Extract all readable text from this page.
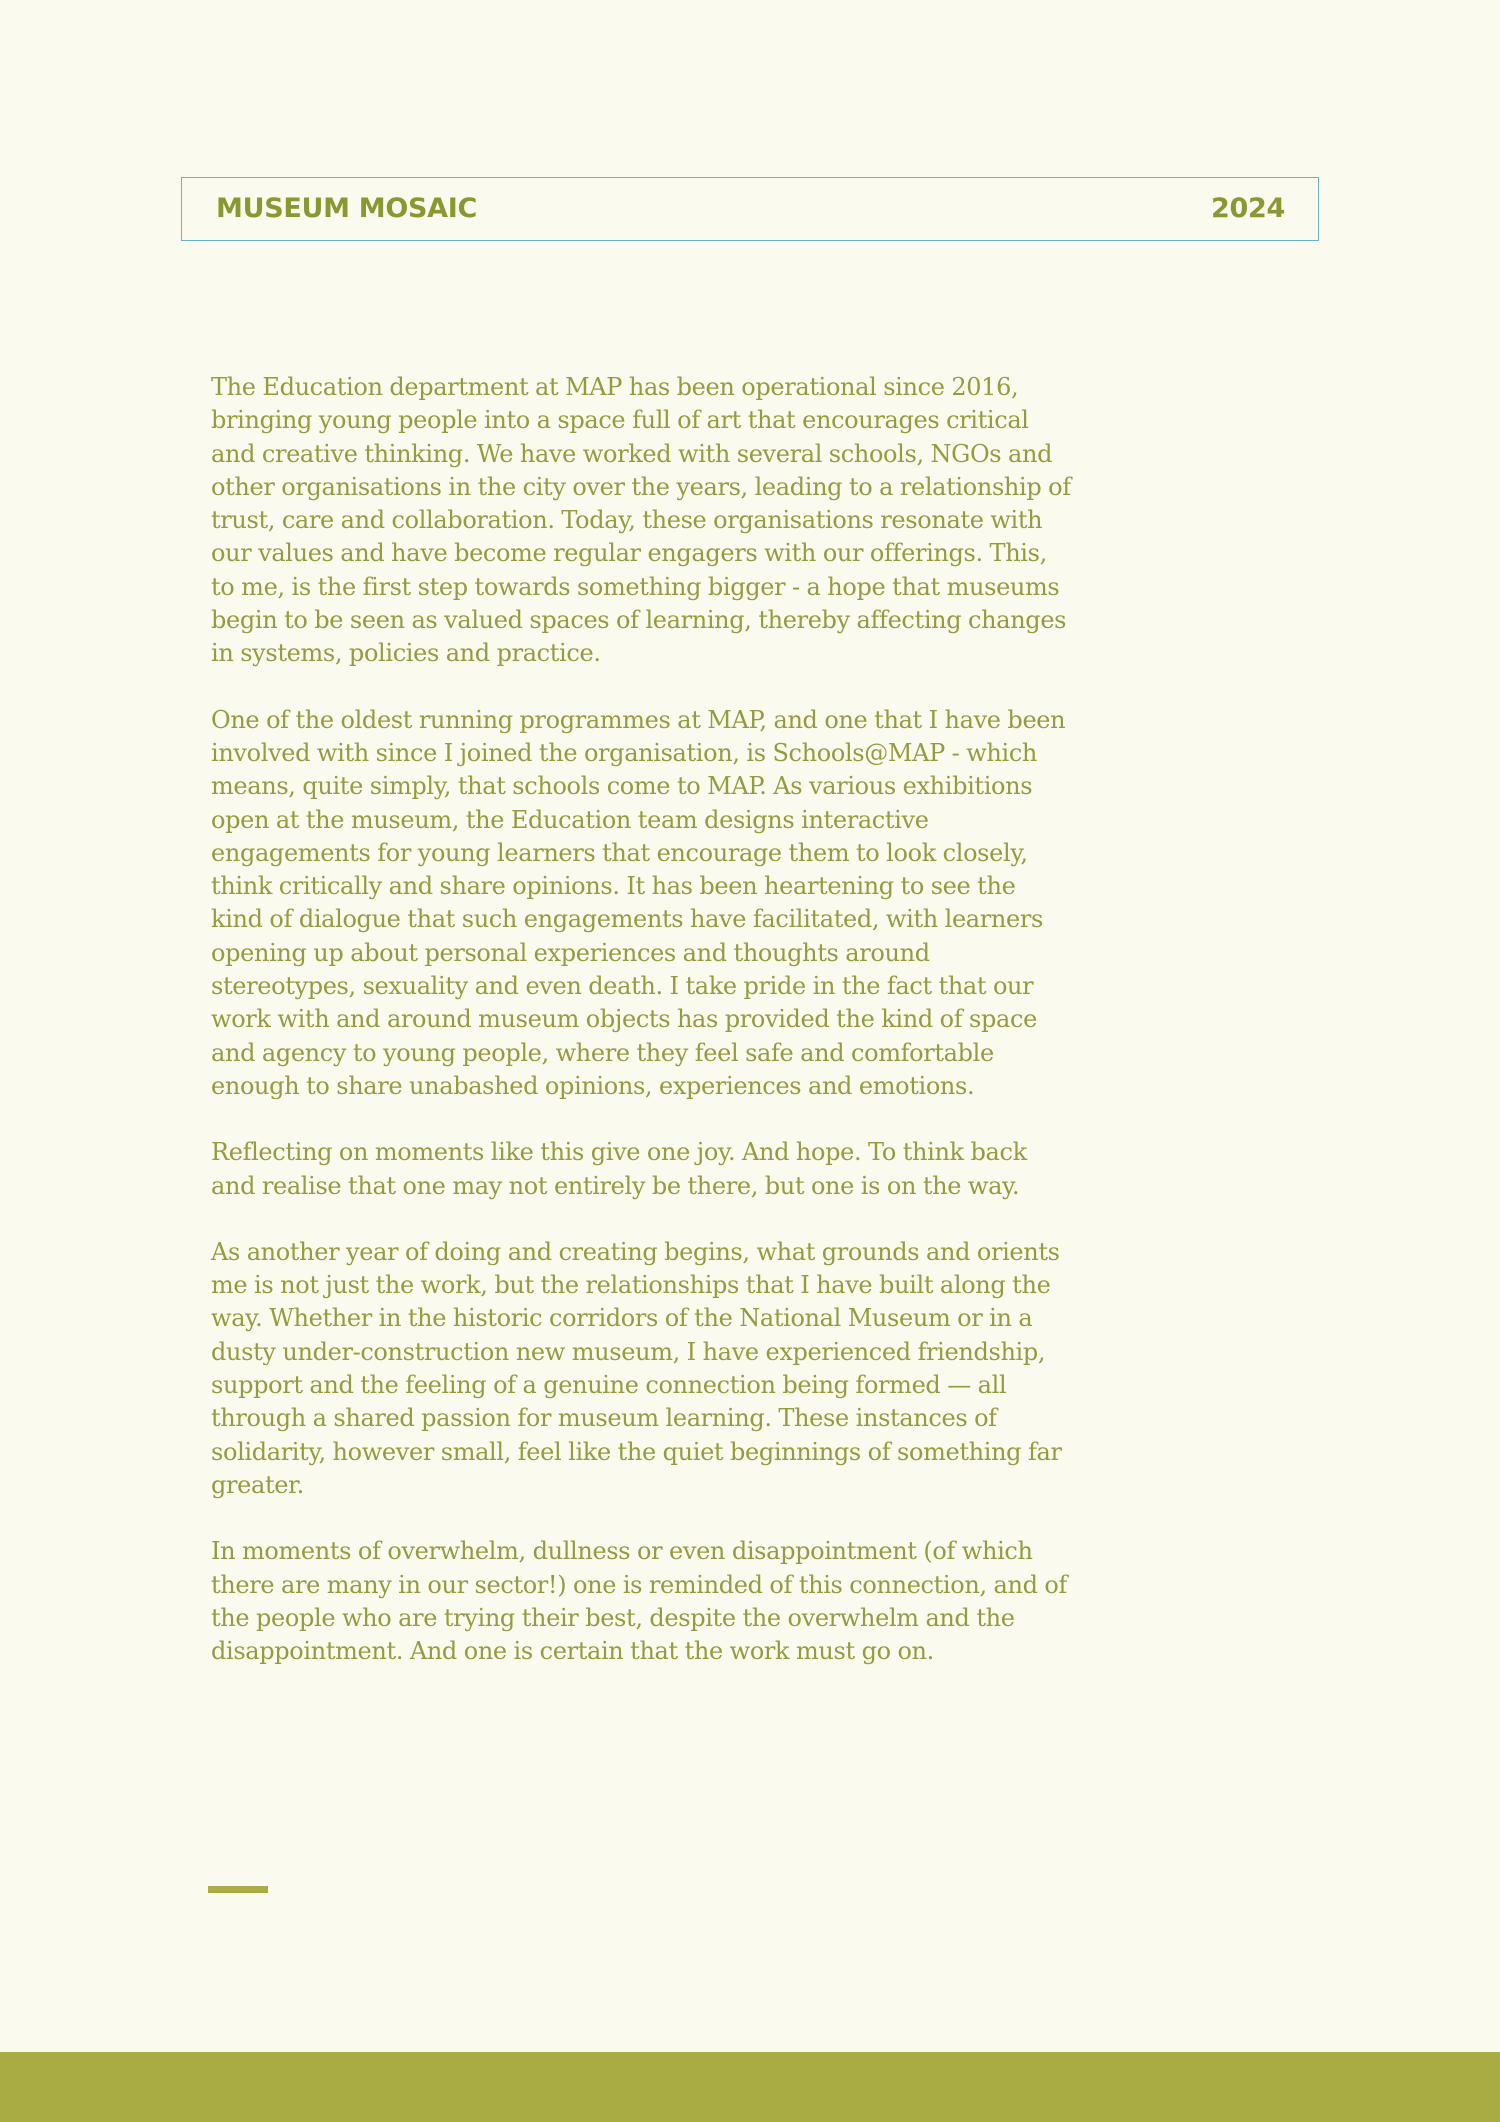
MUSEUM MOSAIC	2024

The Education department at MAP has been operational since 2016, bringing young people into a space full of art that encourages critical and creative thinking. We have worked with several schools, NGOs and other organisations in the city over the years, leading to a relationship of trust, care and collaboration. Today, these organisations resonate with our values and have become regular engagers with our offerings. This, to me, is the first step towards something bigger - a hope that museums begin to be seen as valued spaces of learning, thereby affecting changes in systems, policies and practice.

One of the oldest running programmes at MAP, and one that I have been involved with since I joined the organisation, is Schools@MAP - which means, quite simply, that schools come to MAP. As various exhibitions open at the museum, the Education team designs interactive engagements for young learners that encourage them to look closely, think critically and share opinions. It has been heartening to see the kind of dialogue that such engagements have facilitated, with learners opening up about personal experiences and thoughts around stereotypes, sexuality and even death. I take pride in the fact that our work with and around museum objects has provided the kind of space and agency to young people, where they feel safe and comfortable enough to share unabashed opinions, experiences and emotions.

Reflecting on moments like this give one joy. And hope. To think back and realise that one may not entirely be there, but one is on the way.

As another year of doing and creating begins, what grounds and orients me is not just the work, but the relationships that I have built along the way. Whether in the historic corridors of the National Museum or in a dusty under-construction new museum, I have experienced friendship, support and the feeling of a genuine connection being formed — all through a shared passion for museum learning. These instances of solidarity, however small, feel like the quiet beginnings of something far greater.

In moments of overwhelm, dullness or even disappointment (of which there are many in our sector!) one is reminded of this connection, and of the people who are trying their best, despite the overwhelm and the disappointment. And one is certain that the work must go on.
